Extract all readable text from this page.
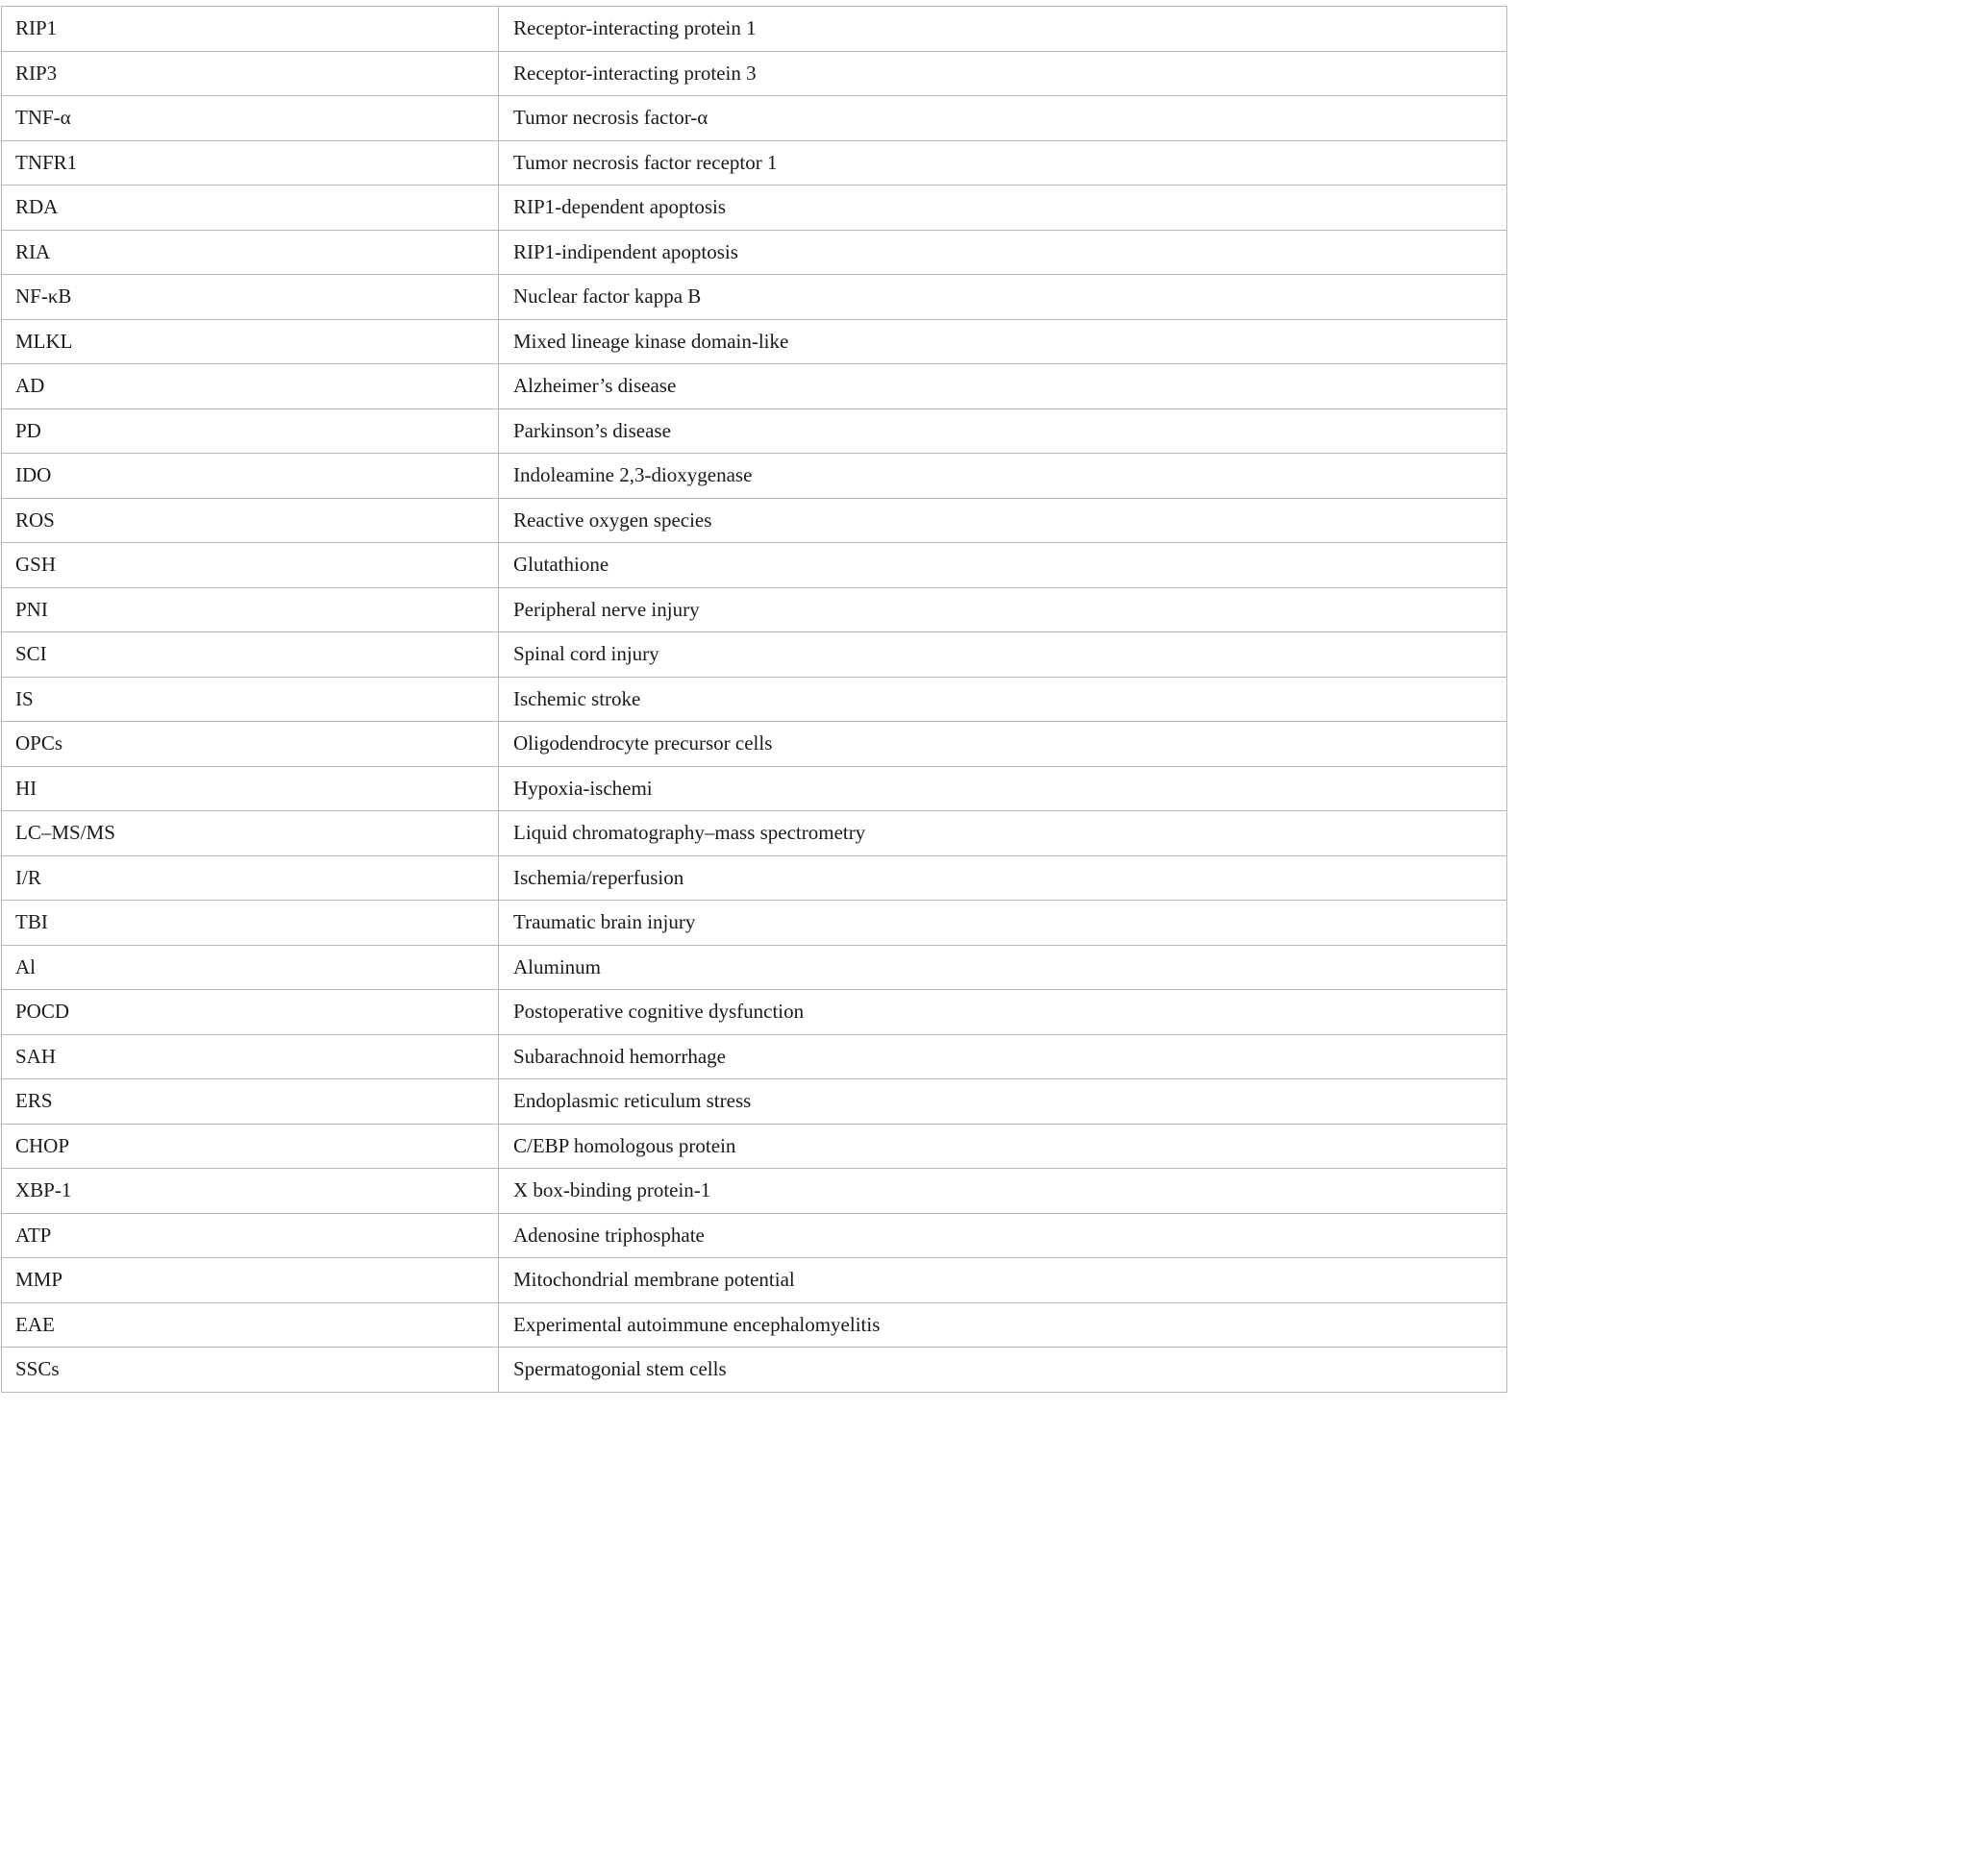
RIP1	Receptor-interacting protein 1
RIP3	Receptor-interacting protein 3
TNF-α	Tumor necrosis factor-α
TNFR1	Tumor necrosis factor receptor 1
RDA	RIP1-dependent apoptosis
RIA	RIP1-indipendent apoptosis
NF-κB	Nuclear factor kappa B
MLKL	Mixed lineage kinase domain-like
AD	Alzheimer’s disease
PD	Parkinson’s disease
IDO	Indoleamine 2,3-dioxygenase
ROS	Reactive oxygen species
GSH	Glutathione
PNI	Peripheral nerve injury
SCI	Spinal cord injury
IS	Ischemic stroke
OPCs	Oligodendrocyte precursor cells
HI	Hypoxia-ischemi
LC–MS/MS	Liquid chromatography–mass spectrometry
I/R	Ischemia/reperfusion
TBI	Traumatic brain injury
Al	Aluminum
POCD	Postoperative cognitive dysfunction
SAH	Subarachnoid hemorrhage
ERS	Endoplasmic reticulum stress
CHOP	C/EBP homologous protein
XBP-1	X box-binding protein-1
ATP	Adenosine triphosphate
MMP	Mitochondrial membrane potential
EAE	Experimental autoimmune encephalomyelitis
SSCs	Spermatogonial stem cells
